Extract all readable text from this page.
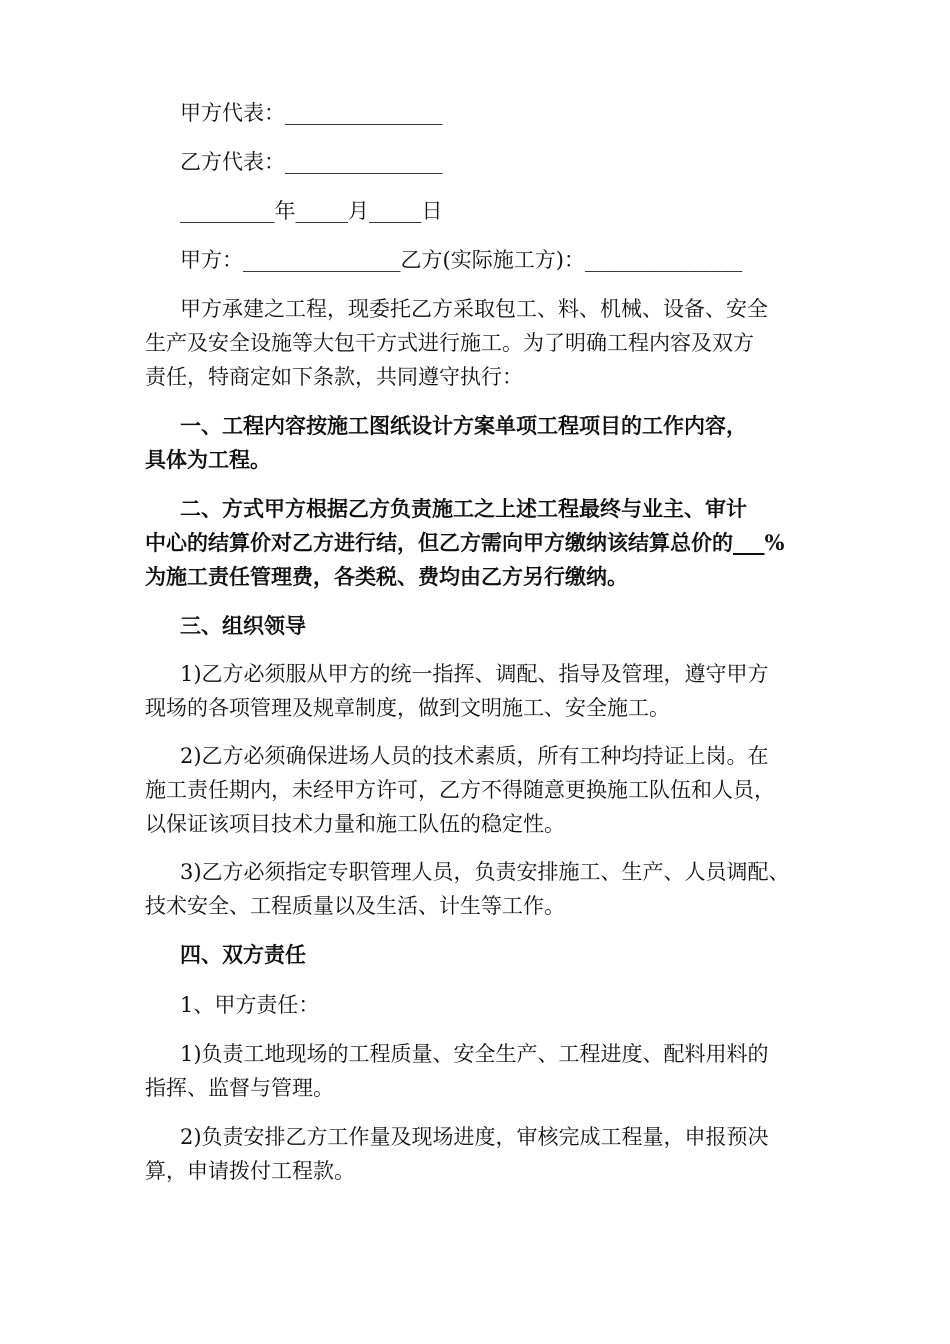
甲方代表：_______________
乙方代表：_______________
_________年_____月_____日
甲方：_______________乙方(实际施工方)：_______________
甲方承建之工程，现委托乙方采取包工、料、机械、设备、安全
生产及安全设施等大包干方式进行施工。为了明确工程内容及双方
责任，特商定如下条款，共同遵守执行：
一、工程内容按施工图纸设计方案单项工程项目的工作内容，
具体为工程。
二、方式甲方根据乙方负责施工之上述工程最终与业主、审计
中心的结算价对乙方进行结，但乙方需向甲方缴纳该结算总价的___%
为施工责任管理费，各类税、费均由乙方另行缴纳。
三、组织领导
1)乙方必须服从甲方的统一指挥、调配、指导及管理，遵守甲方
现场的各项管理及规章制度，做到文明施工、安全施工。
2)乙方必须确保进场人员的技术素质，所有工种均持证上岗。在
施工责任期内，未经甲方许可，乙方不得随意更换施工队伍和人员，
以保证该项目技术力量和施工队伍的稳定性。
3)乙方必须指定专职管理人员，负责安排施工、生产、人员调配、
技术安全、工程质量以及生活、计生等工作。
四、双方责任
1、甲方责任：
1)负责工地现场的工程质量、安全生产、工程进度、配料用料的
指挥、监督与管理。
2)负责安排乙方工作量及现场进度，审核完成工程量，申报预决
算，申请拨付工程款。
